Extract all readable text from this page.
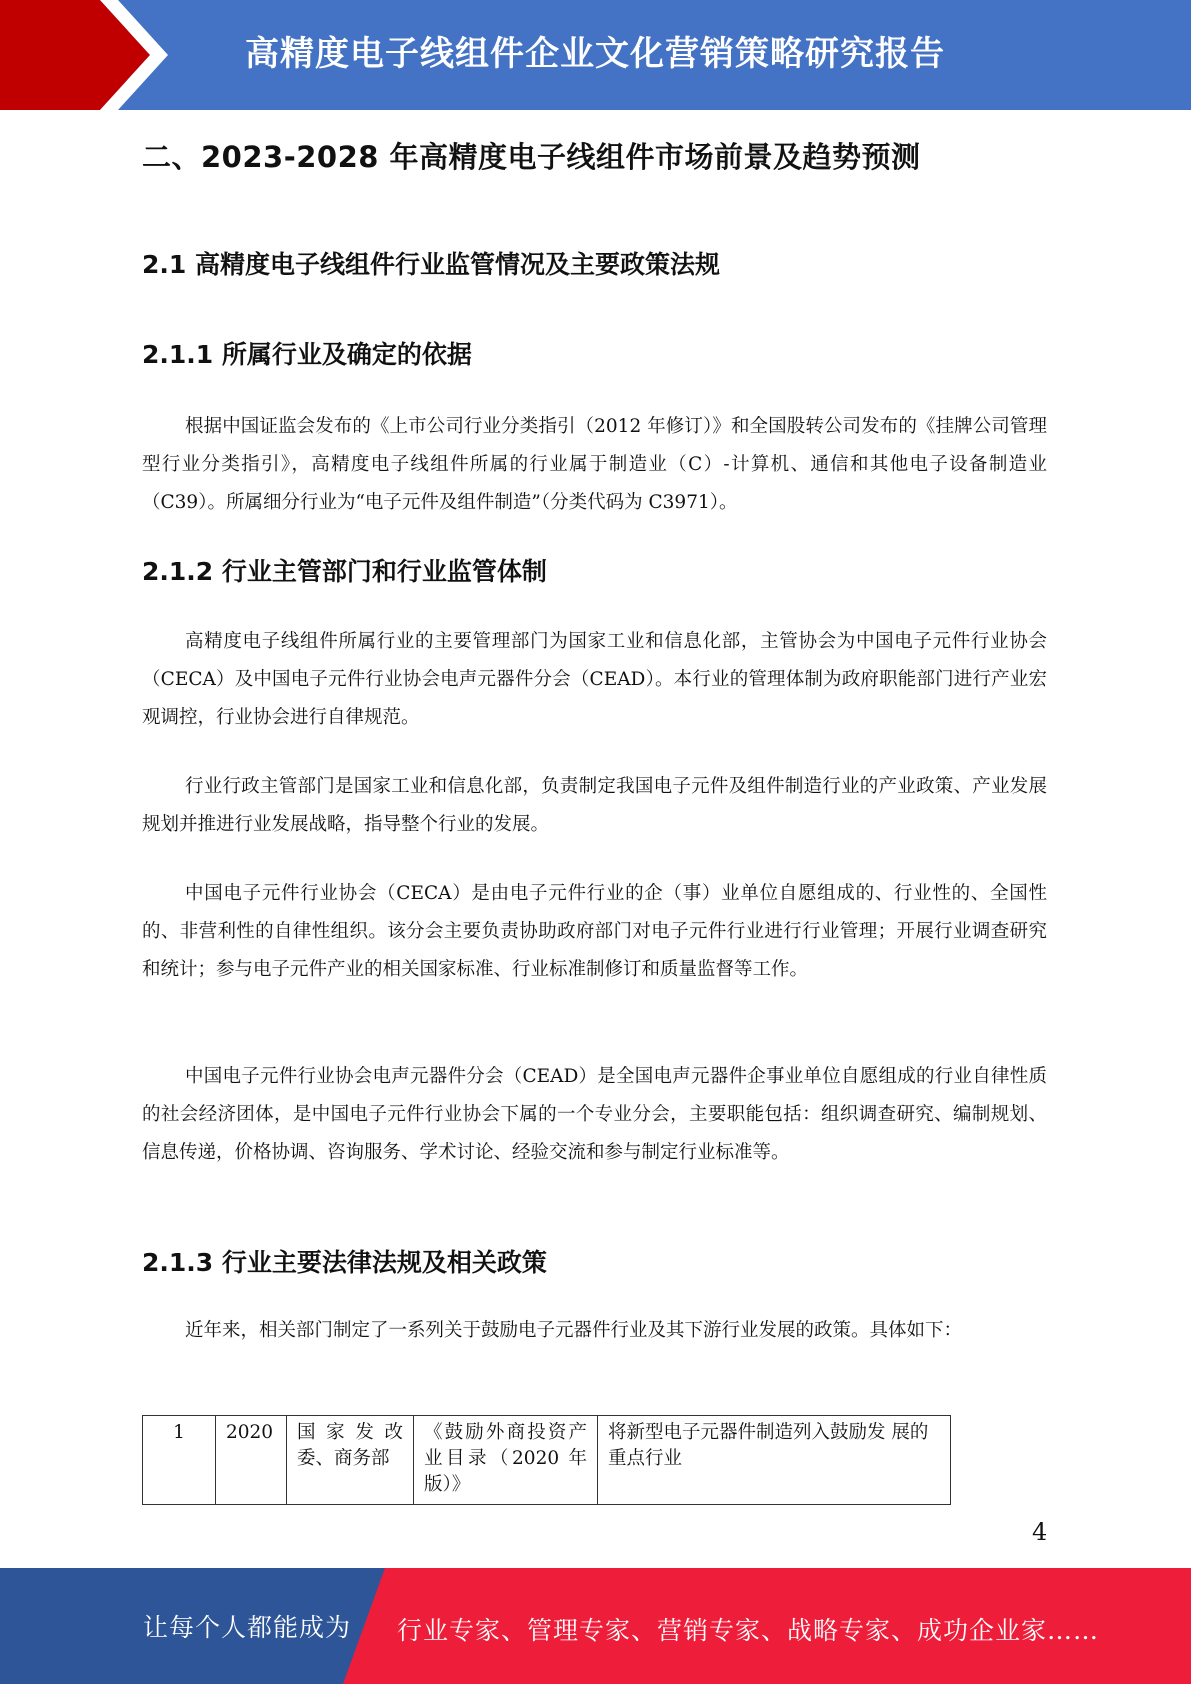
高精度电子线组件企业文化营销策略研究报告
二、2023-2028 年高精度电子线组件市场前景及趋势预测
2.1 高精度电子线组件行业监管情况及主要政策法规
2.1.1 所属行业及确定的依据

根据中国证监会发布的《上市公司行业分类指引（2012 年修订）》和全国股转公司发布的《挂牌公司管理型行业分类指引》，高精度电子线组件所属的行业属于制造业（C）-计算机、通信和其他电子设备制造业（C39）。所属细分行业为“电子元件及组件制造”（分类代码为 C3971）。

2.1.2 行业主管部门和行业监管体制

高精度电子线组件所属行业的主要管理部门为国家工业和信息化部，主管协会为中国电子元件行业协会（CECA）及中国电子元件行业协会电声元器件分会（CEAD）。本行业的管理体制为政府职能部门进行产业宏观调控，行业协会进行自律规范。

行业行政主管部门是国家工业和信息化部，负责制定我国电子元件及组件制造行业的产业政策、产业发展规划并推进行业发展战略，指导整个行业的发展。

中国电子元件行业协会（CECA）是由电子元件行业的企（事）业单位自愿组成的、行业性的、全国性的、非营利性的自律性组织。该分会主要负责协助政府部门对电子元件行业进行行业管理；开展行业调查研究和统计；参与电子元件产业的相关国家标准、行业标准制修订和质量监督等工作。

中国电子元件行业协会电声元器件分会（CEAD）是全国电声元器件企事业单位自愿组成的行业自律性质的社会经济团体，是中国电子元件行业协会下属的一个专业分会，主要职能包括：组织调查研究、编制规划、信息传递，价格协调、咨询服务、学术讨论、经验交流和参与制定行业标准等。

2.1.3 行业主要法律法规及相关政策

近年来，相关部门制定了一系列关于鼓励电子元器件行业及其下游行业发展的政策。具体如下：

1	2020	国 家 发 改委、商务部	《鼓励外商投资产业目录（2020 年版）》	将新型电子元器件制造列入鼓励发 展的重点行业
4
让每个人都能成为 行业专家、管理专家、营销专家、战略专家、成功企业家……
